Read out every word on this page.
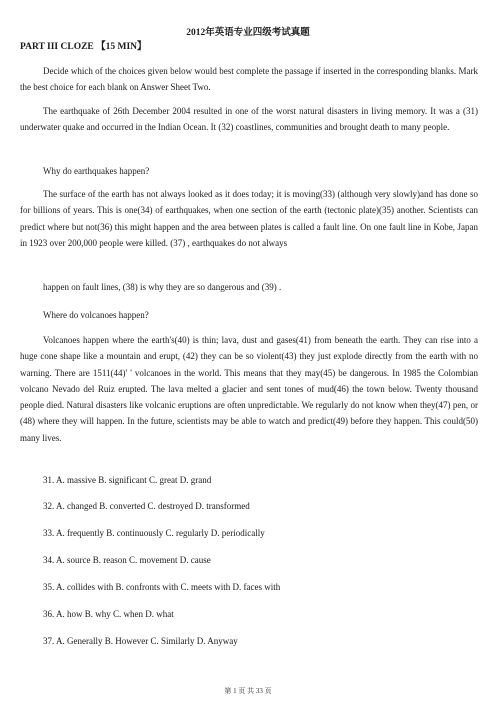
2012年英语专业四级考试真题
PART III CLOZE 【15 MIN】

Decide which of the choices given below would best complete the passage if inserted in the corresponding blanks. Mark the best choice for each blank on Answer Sheet Two.

The earthquake of 26th December 2004 resulted in one of the worst natural disasters in living memory. It was a (31) underwater quake and occurred in the Indian Ocean. It (32) coastlines, communities and brought death to many people.

Why do earthquakes happen?

The surface of the earth has not always looked as it does today; it is moving(33) (although very slowly)and has done so for billions of years. This is one(34) of earthquakes, when one section of the earth (tectonic plate)(35) another. Scientists can predict where but not(36) this might happen and the area between plates is called a fault line. On one fault line in Kobe, Japan in 1923 over 200,000 people were killed. (37) , earthquakes do not always

happen on fault lines, (38) is why they are so dangerous and (39) .
Where do volcanoes happen?

Volcanoes happen where the earth's(40) is thin; lava, dust and gases(41) from beneath the earth. They can rise into a huge cone shape like a mountain and erupt, (42) they can be so violent(43) they just explode directly from the earth with no warning. There are 1511(44)' ' volcanoes in the world. This means that they may(45) be dangerous. In 1985 the Colombian volcano Nevado del Ruiz erupted. The lava melted a glacier and sent tones of mud(46) the town below. Twenty thousand people died. Natural disasters like volcanic eruptions are often unpredictable. We regularly do not know when they(47) pen, or (48) where they will happen. In the future, scientists may be able to watch and predict(49) before they happen. This could(50) many lives.

31. A. massive B. significant C. great D. grand
32. A. changed B. converted C. destroyed D. transformed
33. A. frequently B. continuously C. regularly D. periodically
34. A. source B. reason C. movement D. cause
35. A. collides with B. confronts with C. meets with D. faces with
36. A. how B. why C. when D. what
37. A. Generally B. However C. Similarly D. Anyway
第 1 页 共 33 页
